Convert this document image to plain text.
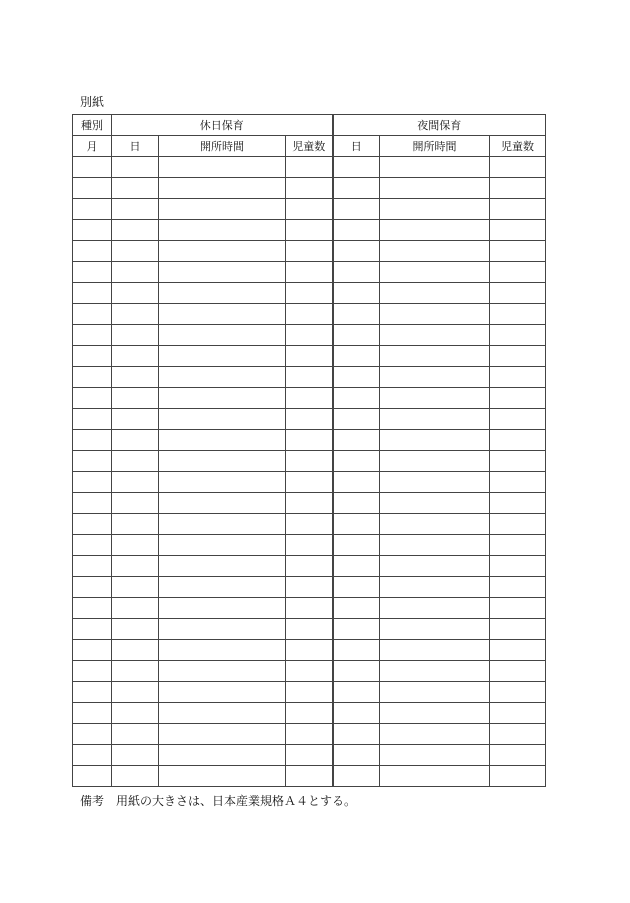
別紙
種別	休日保育			夜間保育		
月	日	開所時間	児童数	日	開所時間	児童数

備考　用紙の大きさは、日本産業規格Ａ４とする。
